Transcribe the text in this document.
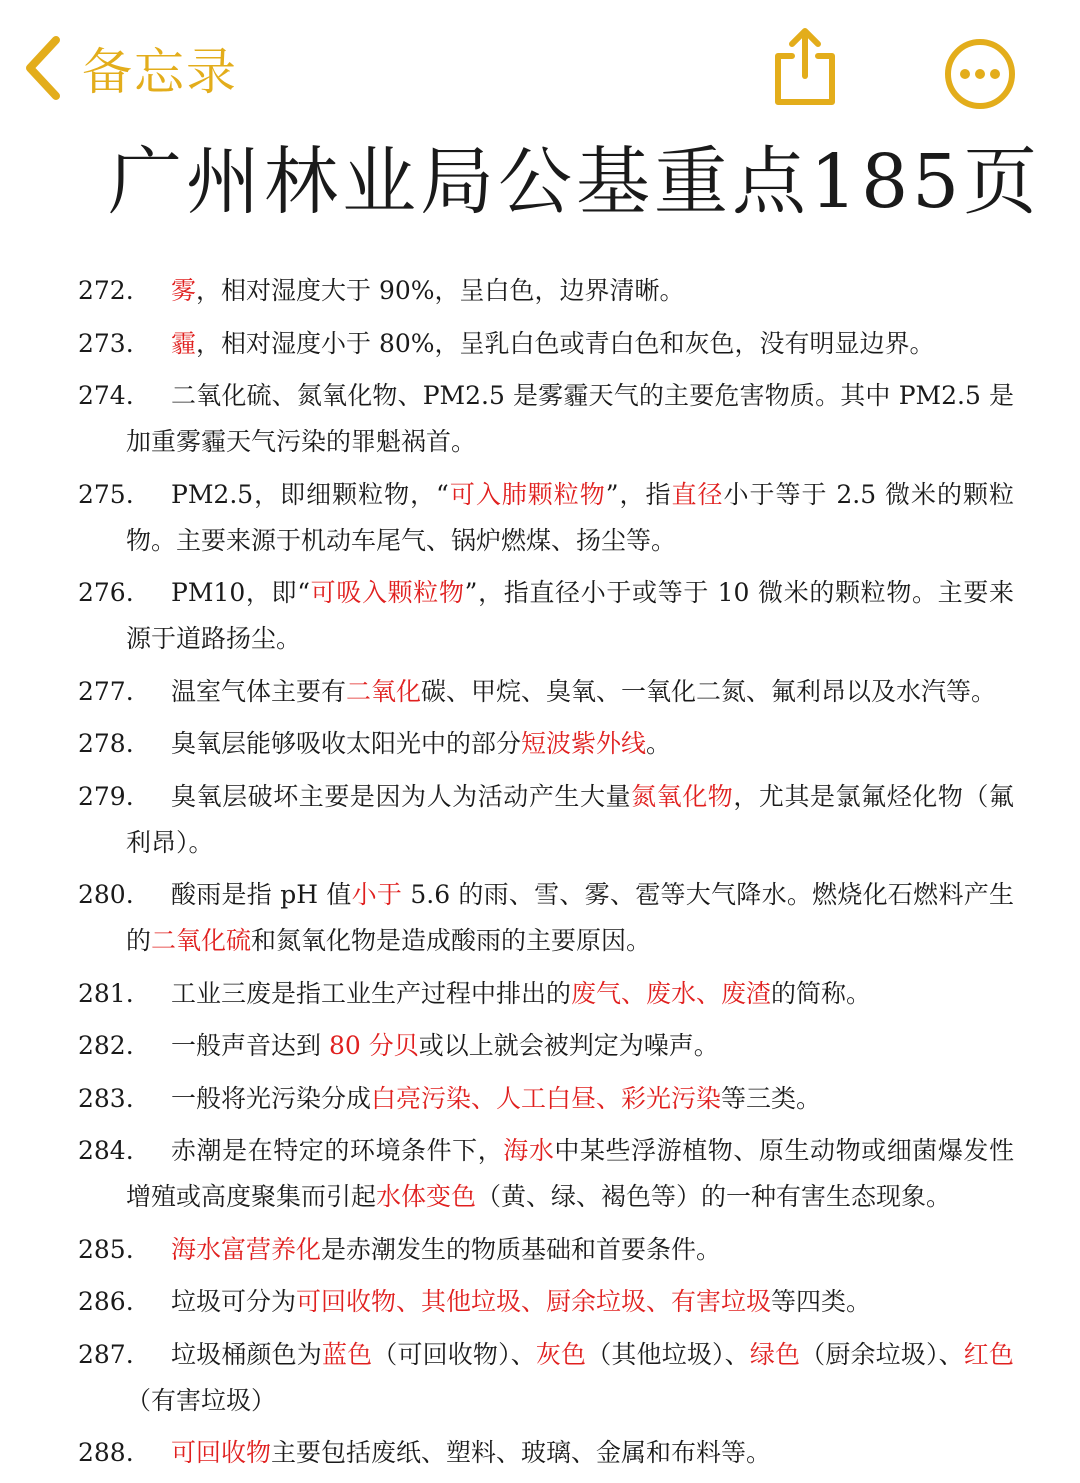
备忘录
广州林业局公基重点185页
272.	雾，相对湿度大于 90%，呈白色，边界清晰。
273.	霾，相对湿度小于 80%，呈乳白色或青白色和灰色，没有明显边界。
274.	二氧化硫、氮氧化物、PM2.5 是雾霾天气的主要危害物质。其中 PM2.5 是加重雾霾天气污染的罪魁祸首。
275.	PM2.5，即细颗粒物，“可入肺颗粒物”，指直径小于等于 2.5 微米的颗粒物。主要来源于机动车尾气、锅炉燃煤、扬尘等。
276.	PM10，即“可吸入颗粒物”，指直径小于或等于 10 微米的颗粒物。主要来源于道路扬尘。
277.	温室气体主要有二氧化碳、甲烷、臭氧、一氧化二氮、氟利昂以及水汽等。
278.	臭氧层能够吸收太阳光中的部分短波紫外线。
279.	臭氧层破坏主要是因为人为活动产生大量氮氧化物，尤其是氯氟烃化物（氟利昂）。
280.	酸雨是指 pH 值小于 5.6 的雨、雪、雾、雹等大气降水。燃烧化石燃料产生的二氧化硫和氮氧化物是造成酸雨的主要原因。
281.	工业三废是指工业生产过程中排出的废气、废水、废渣的简称。
282.	一般声音达到 80 分贝或以上就会被判定为噪声。
283.	一般将光污染分成白亮污染、人工白昼、彩光污染等三类。
284.	赤潮是在特定的环境条件下，海水中某些浮游植物、原生动物或细菌爆发性增殖或高度聚集而引起水体变色（黄、绿、褐色等）的一种有害生态现象。
285.	海水富营养化是赤潮发生的物质基础和首要条件。
286.	垃圾可分为可回收物、其他垃圾、厨余垃圾、有害垃圾等四类。
287.	垃圾桶颜色为蓝色（可回收物）、灰色（其他垃圾）、绿色（厨余垃圾）、红色（有害垃圾）
288.	可回收物主要包括废纸、塑料、玻璃、金属和布料等。
